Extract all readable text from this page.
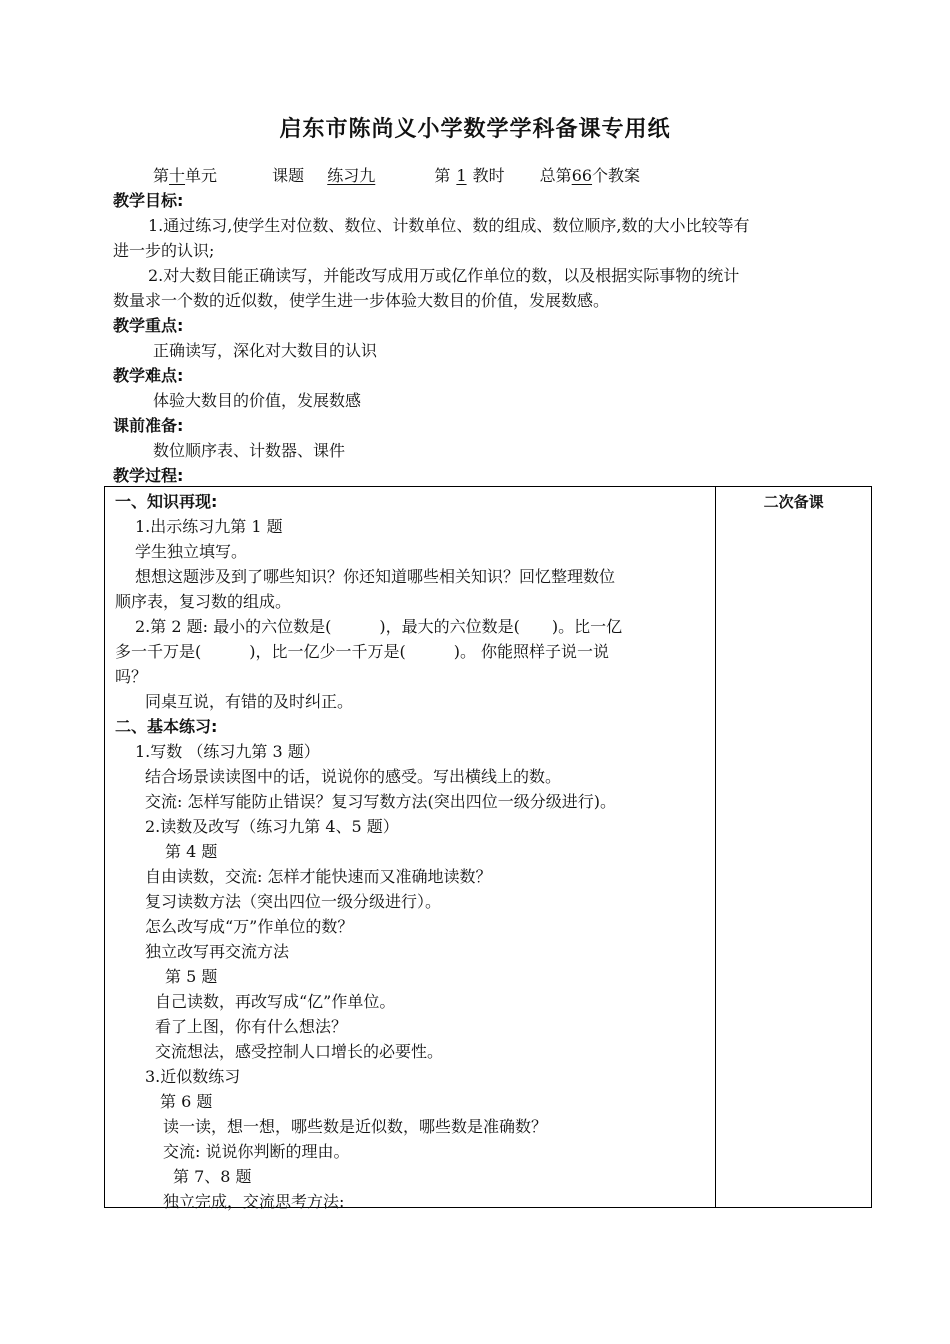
启东市陈尚义小学数学学科备课专用纸
第十单元	课题 练习九	第 1 教时 总第66个教案
教学目标:
1.通过练习,使学生对位数、数位、计数单位、数的组成、数位顺序,数的大小比较等有
进一步的认识;
2.对大数目能正确读写，并能改写成用万或亿作单位的数，以及根据实际事物的统计
数量求一个数的近似数，使学生进一步体验大数目的价值，发展数感。
教学重点:
正确读写，深化对大数目的认识
教学难点:
体验大数目的价值，发展数感
课前准备:
数位顺序表、计数器、课件
教学过程:
一、知识再现:
1.出示练习九第 1 题
学生独立填写。
想想这题涉及到了哪些知识？你还知道哪些相关知识？回忆整理数位
顺序表，复习数的组成。
2.第 2 题: 最小的六位数是(　　　)，最大的六位数是(　　)。比一亿
多一千万是(　　　)，比一亿少一千万是(　　　)。 你能照样子说一说
吗？
同桌互说，有错的及时纠正。
二、基本练习:
1.写数 （练习九第 3 题）
结合场景读读图中的话，说说你的感受。写出横线上的数。
交流: 怎样写能防止错误？复习写数方法(突出四位一级分级进行)。
2.读数及改写（练习九第 4、5 题）
第 4 题
自由读数，交流: 怎样才能快速而又准确地读数？
复习读数方法（突出四位一级分级进行）。
怎么改写成“万”作单位的数？
独立改写再交流方法
第 5 题
自己读数，再改写成“亿”作单位。
看了上图，你有什么想法？
交流想法，感受控制人口增长的必要性。
3.近似数练习
第 6 题
读一读，想一想，哪些数是近似数，哪些数是准确数？
交流: 说说你判断的理由。
第 7、8 题
独立完成，交流思考方法:

二次备课
